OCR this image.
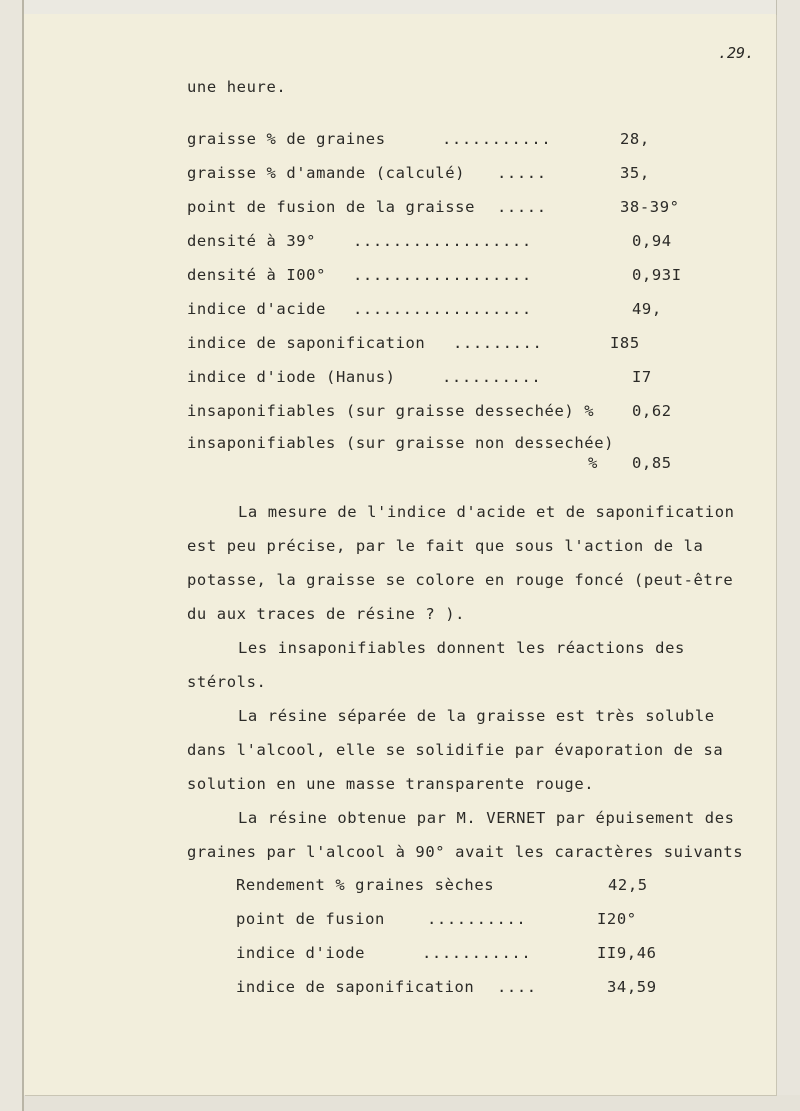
.29.
une heure.
graisse % de graines	...........	28,
graisse % d'amande (calculé) .....	35,
point de fusion de la graisse .....	38-39°
densité à 39° ..................	0,94
densité à I00° ..................	0,93I
indice d'acide ..................	49,
indice de saponification .........	I85
indice d'iode (Hanus)	..........	I7
insaponifiables (sur graisse dessechée) % 0,62
insaponifiables (sur graisse non dessechée)
% 0,85
La mesure de l'indice d'acide et de saponification
est peu précise, par le fait que sous l'action de la
potasse, la graisse se colore en rouge foncé (peut-être
du aux traces de résine ? ).
Les insaponifiables donnent les réactions des
stérols.
La résine séparée de la graisse est très soluble
dans l'alcool, elle se solidifie par évaporation de sa
solution en une masse transparente rouge.
La résine obtenue par M. VERNET par épuisement des
graines par l'alcool à 90° avait les caractères suivants
Rendement % graines sèches	42,5
point de fusion	..........	I20°
indice d'iode	...........	II9,46
indice de saponification ....	34,59
